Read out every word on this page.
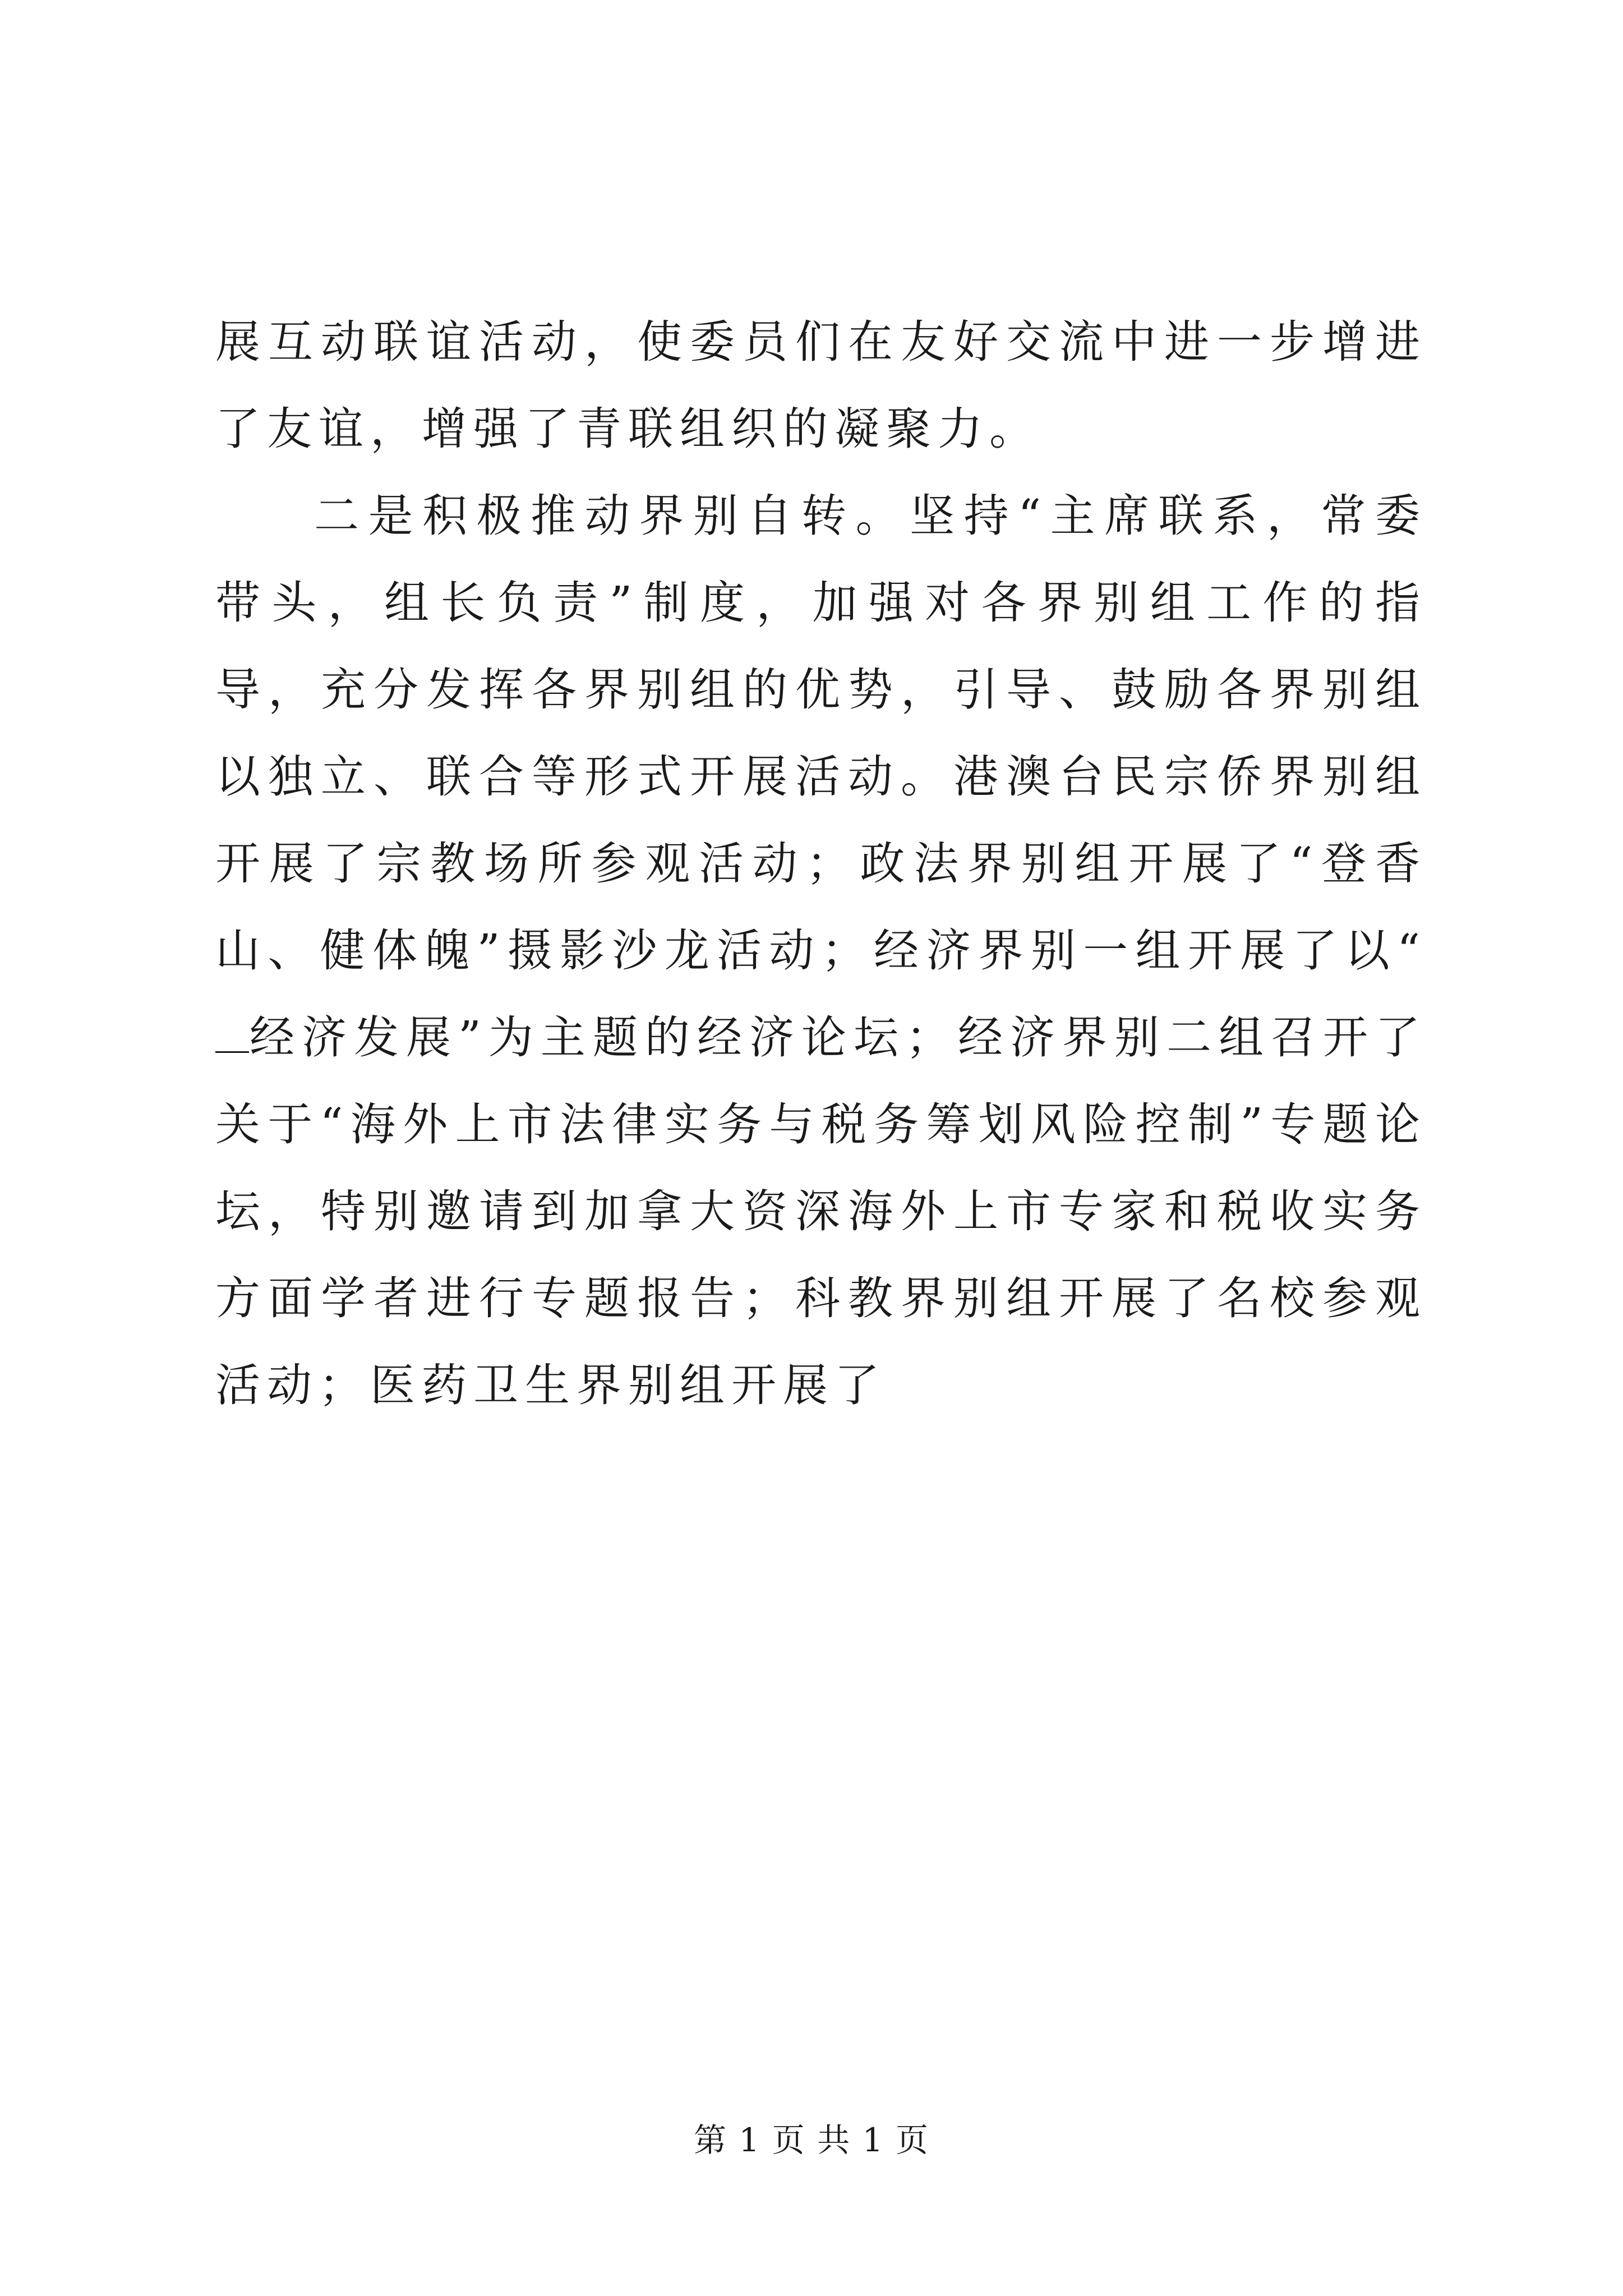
展互动联谊活动，使委员们在友好交流中进一步增进了友谊，增强了青联组织的凝聚力。

二是积极推动界别自转。坚持“主席联系，常委带头，组长负责”制度，加强对各界别组工作的指导，充分发挥各界别组的优势，引导、鼓励各界别组以独立、联合等形式开展活动。港澳台民宗侨界别组开展了宗教场所参观活动；政法界别组开展了“登香山、健体魄”摄影沙龙活动；经济界别一组开展了以“经济发展”为主题的经济论坛；经济界别二组召开了关于“海外上市法律实务与税务筹划风险控制”专题论坛，特别邀请到加拿大资深海外上市专家和税收实务方面学者进行专题报告；科教界别组开展了名校参观活动；医药卫生界别组开展了

第 1 页 共 1 页
